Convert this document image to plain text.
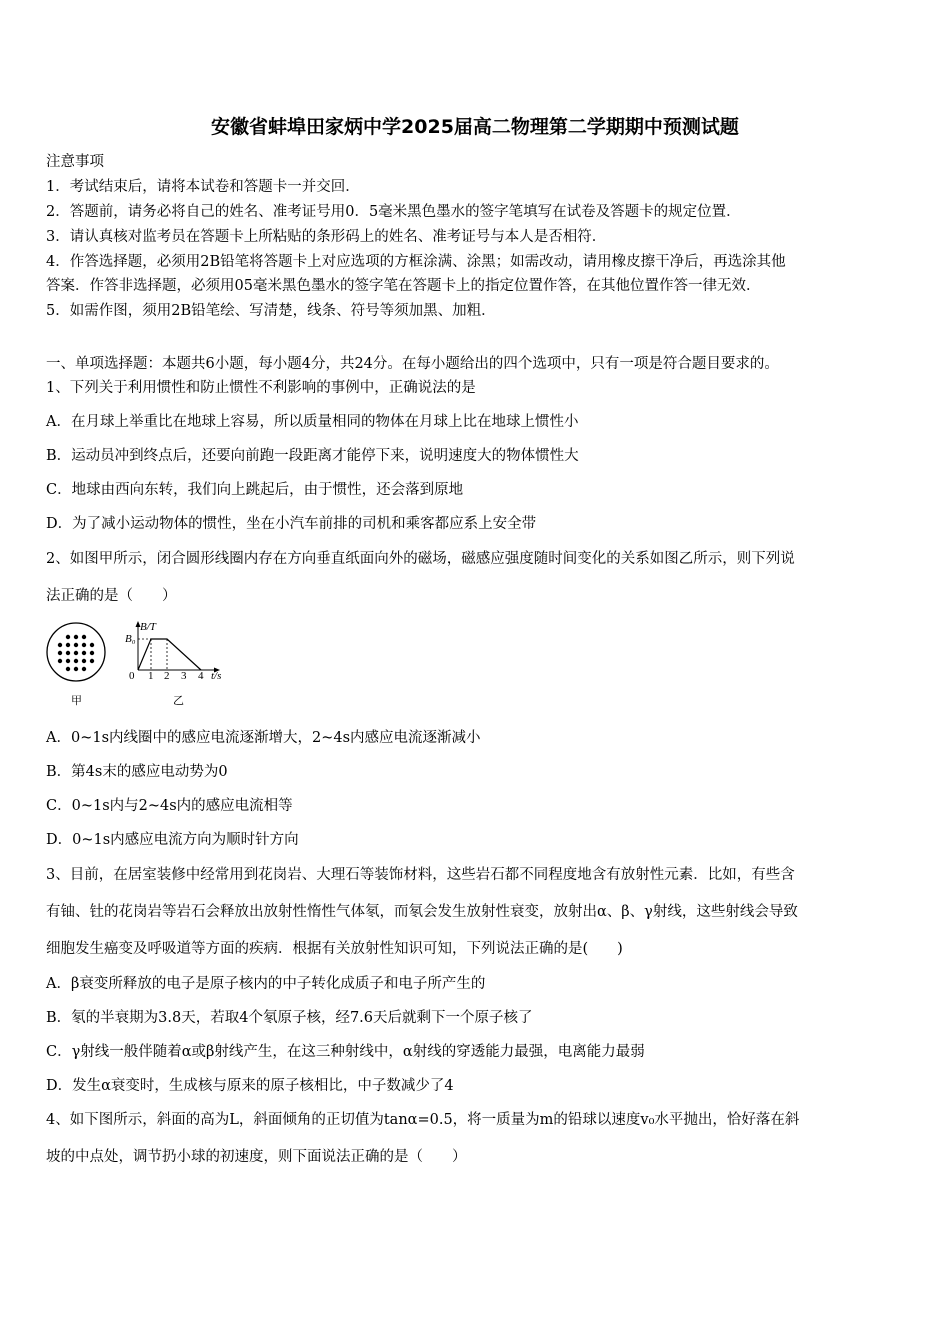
安徽省蚌埠田家炳中学2025届高二物理第二学期期中预测试题
注意事项
1．考试结束后，请将本试卷和答题卡一并交回．
2．答题前，请务必将自己的姓名、准考证号用0．5毫米黑色墨水的签字笔填写在试卷及答题卡的规定位置．
3．请认真核对监考员在答题卡上所粘贴的条形码上的姓名、准考证号与本人是否相符．
4．作答选择题，必须用2B铅笔将答题卡上对应选项的方框涂满、涂黑；如需改动，请用橡皮擦干净后，再选涂其他
答案．作答非选择题，必须用05毫米黑色墨水的签字笔在答题卡上的指定位置作答，在其他位置作答一律无效．
5．如需作图，须用2B铅笔绘、写清楚，线条、符号等须加黑、加粗．
一、单项选择题：本题共6小题，每小题4分，共24分。在每小题给出的四个选项中，只有一项是符合题目要求的。
1、下列关于利用惯性和防止惯性不利影响的事例中，正确说法的是
A．在月球上举重比在地球上容易，所以质量相同的物体在月球上比在地球上惯性小
B．运动员冲到终点后，还要向前跑一段距离才能停下来，说明速度大的物体惯性大
C．地球由西向东转，我们向上跳起后，由于惯性，还会落到原地
D．为了减小运动物体的惯性，坐在小汽车前排的司机和乘客都应系上安全带
2、如图甲所示，闭合圆形线圈内存在方向垂直纸面向外的磁场，磁感应强度随时间变化的关系如图乙所示，则下列说
法正确的是（　　）
甲
B/T
B₀
0 1 2 3 4 t/s
乙
A．0~1s内线圈中的感应电流逐渐增大，2~4s内感应电流逐渐减小
B．第4s末的感应电动势为0
C．0~1s内与2~4s内的感应电流相等
D．0~1s内感应电流方向为顺时针方向
3、目前，在居室装修中经常用到花岗岩、大理石等装饰材料，这些岩石都不同程度地含有放射性元素．比如，有些含
有铀、钍的花岗岩等岩石会释放出放射性惰性气体氡，而氡会发生放射性衰变，放射出α、β、γ射线，这些射线会导致
细胞发生癌变及呼吸道等方面的疾病．根据有关放射性知识可知，下列说法正确的是(　　)
A．β衰变所释放的电子是原子核内的中子转化成质子和电子所产生的
B．氡的半衰期为3.8天，若取4个氡原子核，经7.6天后就剩下一个原子核了
C．γ射线一般伴随着α或β射线产生，在这三种射线中，α射线的穿透能力最强，电离能力最弱
D．发生α衰变时，生成核与原来的原子核相比，中子数减少了4
4、如下图所示，斜面的高为L，斜面倾角的正切值为tanα=0.5，将一质量为m的铅球以速度v₀水平抛出，恰好落在斜
坡的中点处，调节扔小球的初速度，则下面说法正确的是（　　）
